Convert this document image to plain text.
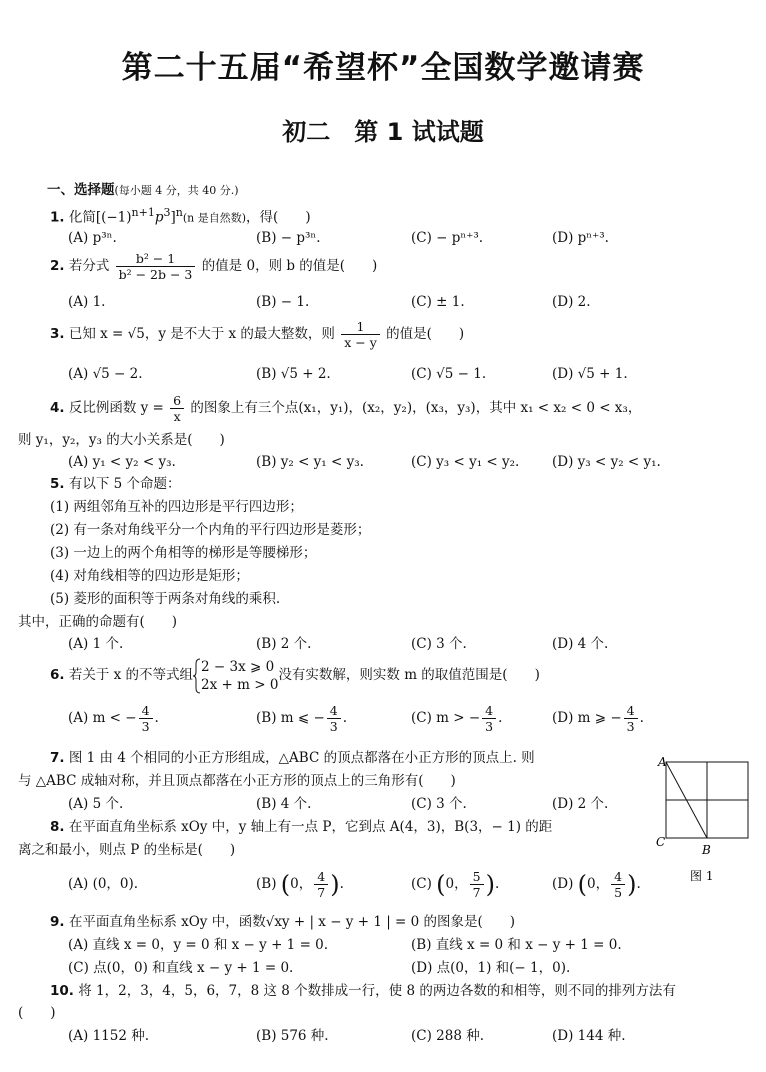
第二十五届“希望杯”全国数学邀请赛
初二　第 1 试试题
一、选择题(每小题 4 分，共 40 分.)
1. 化简$[(-1)^{n+1}p^3]^n(n$ 是自然数)，得(　　)
(A) p³ⁿ.	(B) − p³ⁿ.	(C) − pⁿ⁺³.	(D) pⁿ⁺³.
2. 若分式 $\frac{\text{b² − 1}}{\text{b² − 2b − 3}}$ 的值是 0，则 b 的值是(　　)
(A) 1.	(B) − 1.	(C) ± 1.	(D) 2.
3. 已知 x = √5，y 是不大于 x 的最大整数，则 $\frac{1}{x - y}$ 的值是(　　)
(A) √5 − 2.	(B) √5 + 2.	(C) √5 − 1.	(D) √5 + 1.
4. 反比例函数 $y = \frac{6}{x}$ 的图象上有三个点(x₁，y₁)，(x₂，y₂)，(x₃，y₃)，其中 x₁ < x₂ < 0 < x₃，
则 y₁，y₂，y₃ 的大小关系是(　　)
(A) y₁ < y₂ < y₃.	(B) y₂ < y₁ < y₃.	(C) y₃ < y₁ < y₂. (D) y₃ < y₂ < y₁.
5. 有以下 5 个命题：
(1) 两组邻角互补的四边形是平行四边形；
(2) 有一条对角线平分一个内角的平行四边形是菱形；
(3) 一边上的两个角相等的梯形是等腰梯形；
(4) 对角线相等的四边形是矩形；
(5) 菱形的面积等于两条对角线的乘积.
其中，正确的命题有(　　)
(A) 1 个.	(B) 2 个.	(C) 3 个.	(D) 4 个.
6. 若关于 x 的不等式组
2 − 3x ⩾ 0
2x + m > 0
没有实数解，则实数 m 的取值范围是(　　)
(A) m < − $\frac{4}{3}$ .	(B) m ⩽ − $\frac{4}{3}$ .	(C) m > − $\frac{4}{3}$ .	(D) m ⩾ − $\frac{4}{3}$ .
7. 图 1 由 4 个相同的小正方形组成，△ABC 的顶点都落在小正方形的顶点上. 则
与 △ABC 成轴对称，并且顶点都落在小正方形的顶点上的三角形有(　　)
(A) 5 个.	(B) 4 个.	(C) 3 个.	(D) 2 个.
A
C
B
图 1
8. 在平面直角坐标系 xOy 中，y 轴上有一点 P，它到点 A(4，3)，B(3，− 1) 的距
离之和最小，则点 P 的坐标是(　　)
(A) (0，0).	(B) (0， $\frac{4}{7}$ ).	(C) (0， $\frac{5}{7}$ ).	(D) (0， $\frac{4}{5}$ ).
9. 在平面直角坐标系 xOy 中，函数√xy + | x − y + 1 | = 0 的图象是(　　)
(A) 直线 x = 0，y = 0 和 x − y + 1 = 0.	(B) 直线 x = 0 和 x − y + 1 = 0.
(C) 点(0，0) 和直线 x − y + 1 = 0.	(D) 点(0，1) 和(− 1，0).
10. 将 1，2，3，4，5，6，7，8 这 8 个数排成一行，使 8 的两边各数的和相等，则不同的排列方法有
(　　)
(A) 1152 种.	(B) 576 种.	(C) 288 种.	(D) 144 种.
